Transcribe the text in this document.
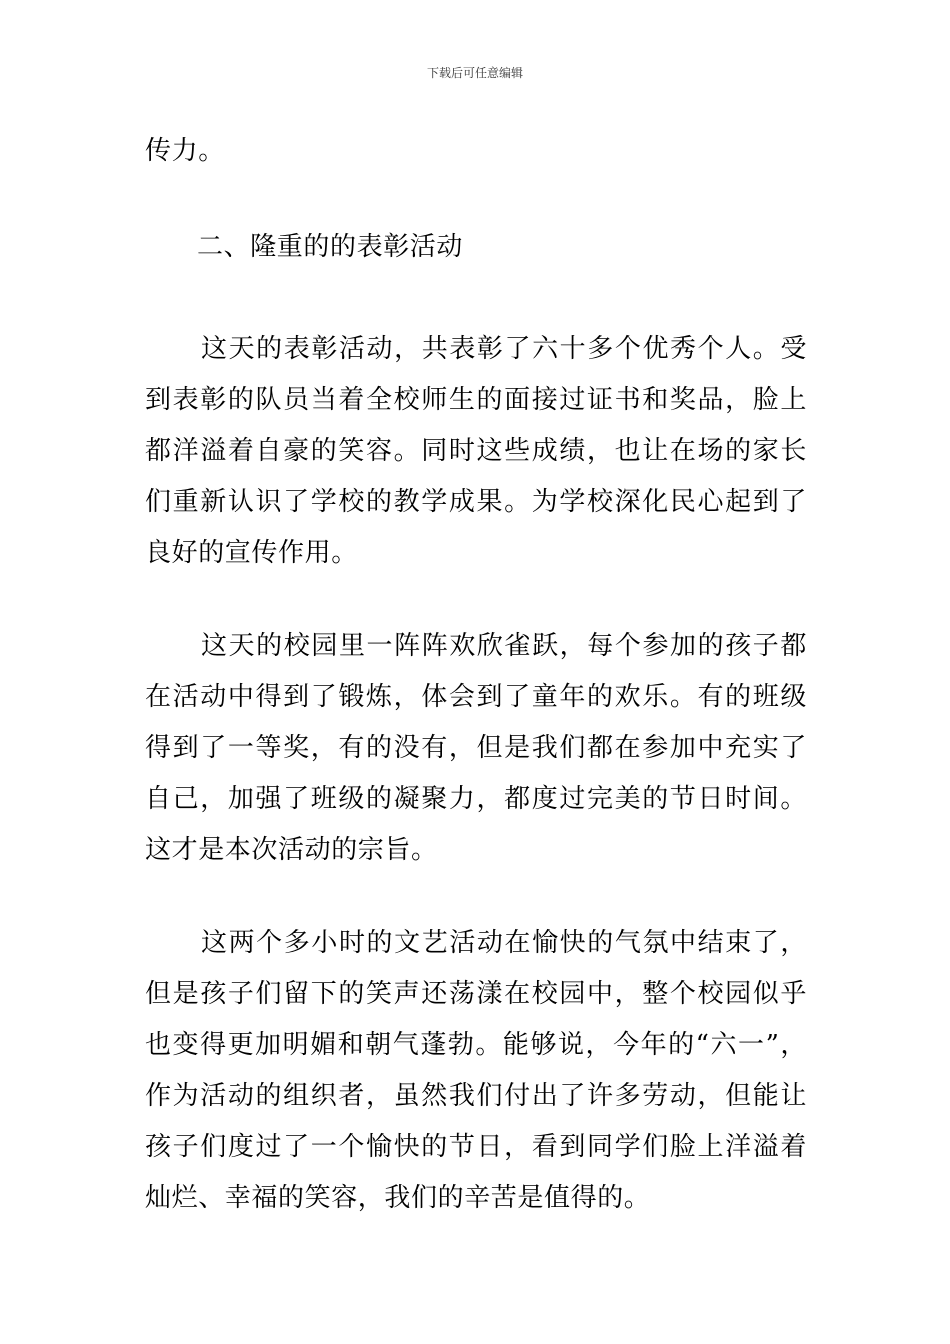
下载后可任意编辑

传力。

二、隆重的的表彰活动

这天的表彰活动，共表彰了六十多个优秀个人。受到表彰的队员当着全校师生的面接过证书和奖品，脸上都洋溢着自豪的笑容。同时这些成绩，也让在场的家长们重新认识了学校的教学成果。为学校深化民心起到了良好的宣传作用。

这天的校园里一阵阵欢欣雀跃，每个参加的孩子都在活动中得到了锻炼，体会到了童年的欢乐。有的班级得到了一等奖，有的没有，但是我们都在参加中充实了自己，加强了班级的凝聚力，都度过完美的节日时间。这才是本次活动的宗旨。

这两个多小时的文艺活动在愉快的气氛中结束了，但是孩子们留下的笑声还荡漾在校园中，整个校园似乎也变得更加明媚和朝气蓬勃。能够说，今年的“六一”，作为活动的组织者，虽然我们付出了许多劳动，但能让孩子们度过了一个愉快的节日，看到同学们脸上洋溢着灿烂、幸福的笑容，我们的辛苦是值得的。
